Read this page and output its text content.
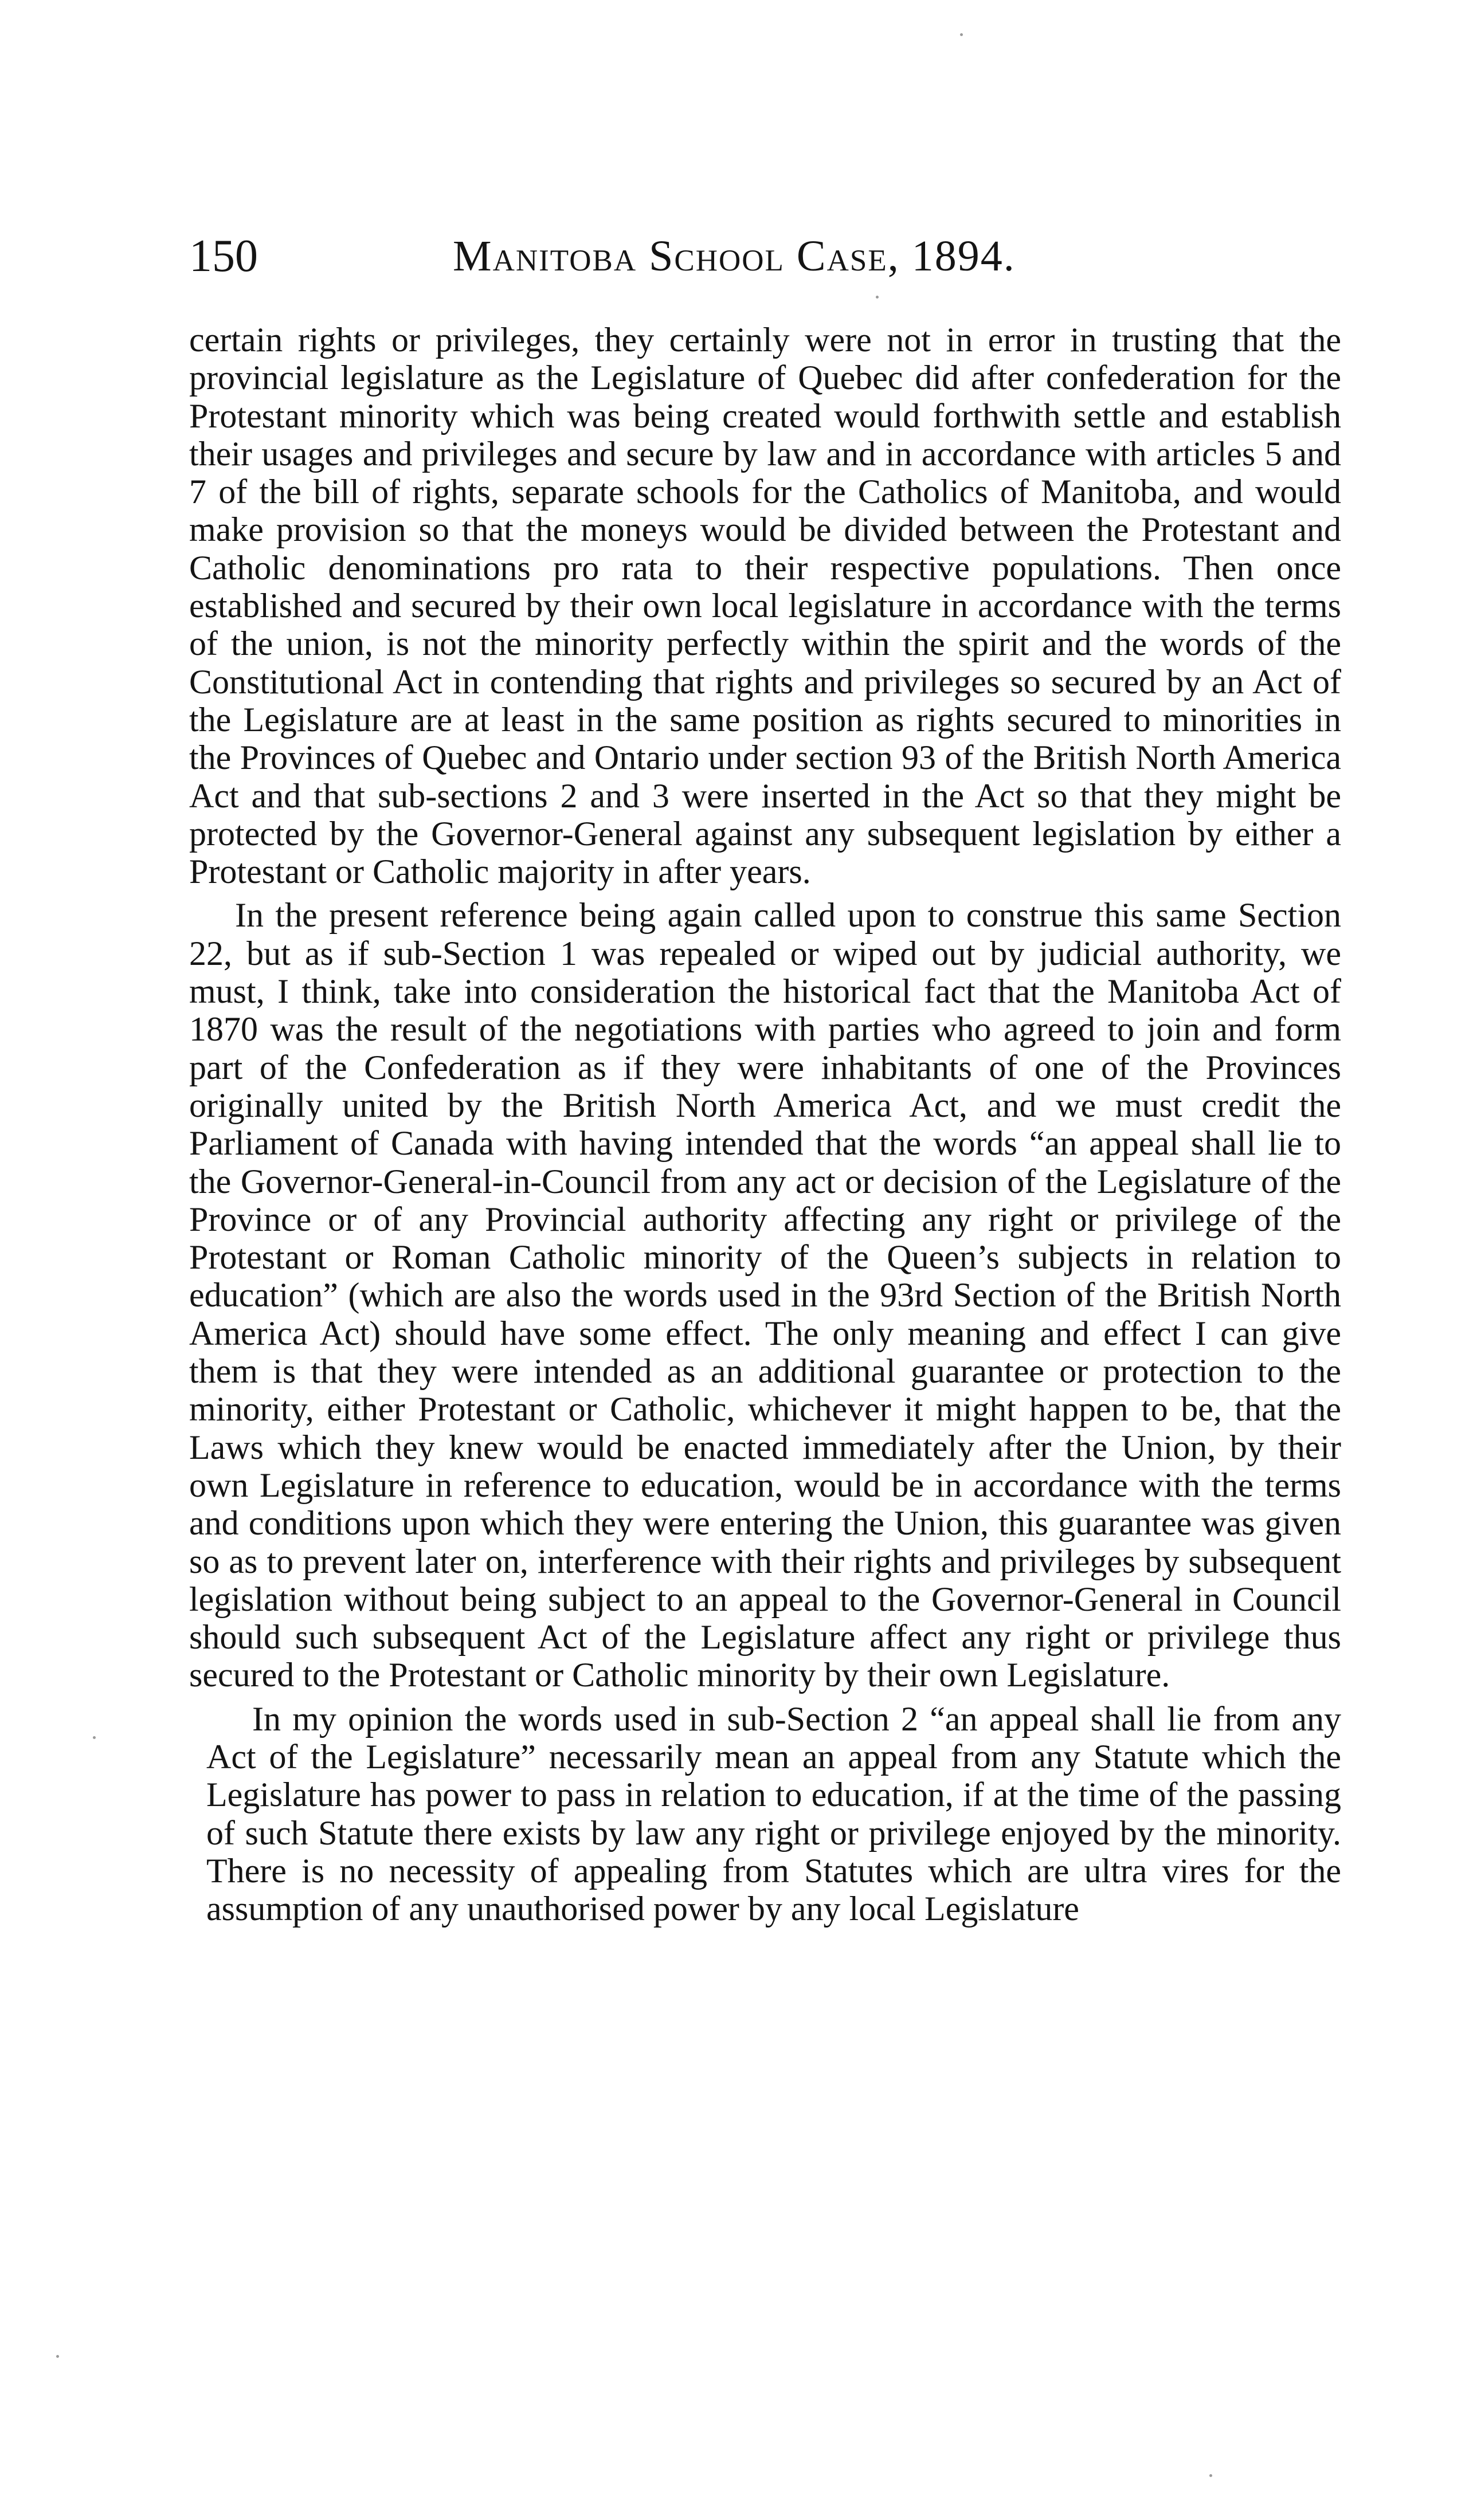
150	Manitoba School Case, 1894.

certain rights or privileges, they certainly were not in error in trusting that the provincial legislature as the Legislature of Quebec did after confederation for the Protestant minority which was being created would forthwith settle and establish their usages and privileges and secure by law and in accordance with articles 5 and 7 of the bill of rights, separate schools for the Catholics of Manitoba, and would make provision so that the moneys would be divided between the Protestant and Catholic denominations pro rata to their respective populations. Then once established and secured by their own local legislature in accordance with the terms of the union, is not the minority perfectly within the spirit and the words of the Constitutional Act in contending that rights and privileges so secured by an Act of the Legislature are at least in the same position as rights secured to minorities in the Provinces of Quebec and Ontario under section 93 of the British North America Act and that sub-sections 2 and 3 were inserted in the Act so that they might be protected by the Governor-General against any subsequent legislation by either a Protestant or Catholic majority in after years.

In the present reference being again called upon to construe this same Section 22, but as if sub-Section 1 was repealed or wiped out by judicial authority, we must, I think, take into consideration the historical fact that the Manitoba Act of 1870 was the result of the negotiations with parties who agreed to join and form part of the Confederation as if they were inhabitants of one of the Provinces originally united by the British North America Act, and we must credit the Parliament of Canada with having intended that the words “an appeal shall lie to the Governor-General-in-Council from any act or decision of the Legislature of the Province or of any Provincial authority affecting any right or privilege of the Protestant or Roman Catholic minority of the Queen’s subjects in relation to education” (which are also the words used in the 93rd Section of the British North America Act) should have some effect. The only meaning and effect I can give them is that they were intended as an additional guarantee or protection to the minority, either Protestant or Catholic, whichever it might happen to be, that the Laws which they knew would be enacted immediately after the Union, by their own Legislature in reference to education, would be in accordance with the terms and conditions upon which they were entering the Union, this guarantee was given so as to prevent later on, interference with their rights and privileges by subsequent legislation without being subject to an appeal to the Governor-General in Council should such subsequent Act of the Legislature affect any right or privilege thus secured to the Protestant or Catholic minority by their own Legislature.

In my opinion the words used in sub-Section 2 “an appeal shall lie from any Act of the Legislature” necessarily mean an appeal from any Statute which the Legislature has power to pass in relation to education, if at the time of the passing of such Statute there exists by law any right or privilege enjoyed by the minority. There is no necessity of appealing from Statutes which are ultra vires for the assumption of any unauthorised power by any local Legislature
